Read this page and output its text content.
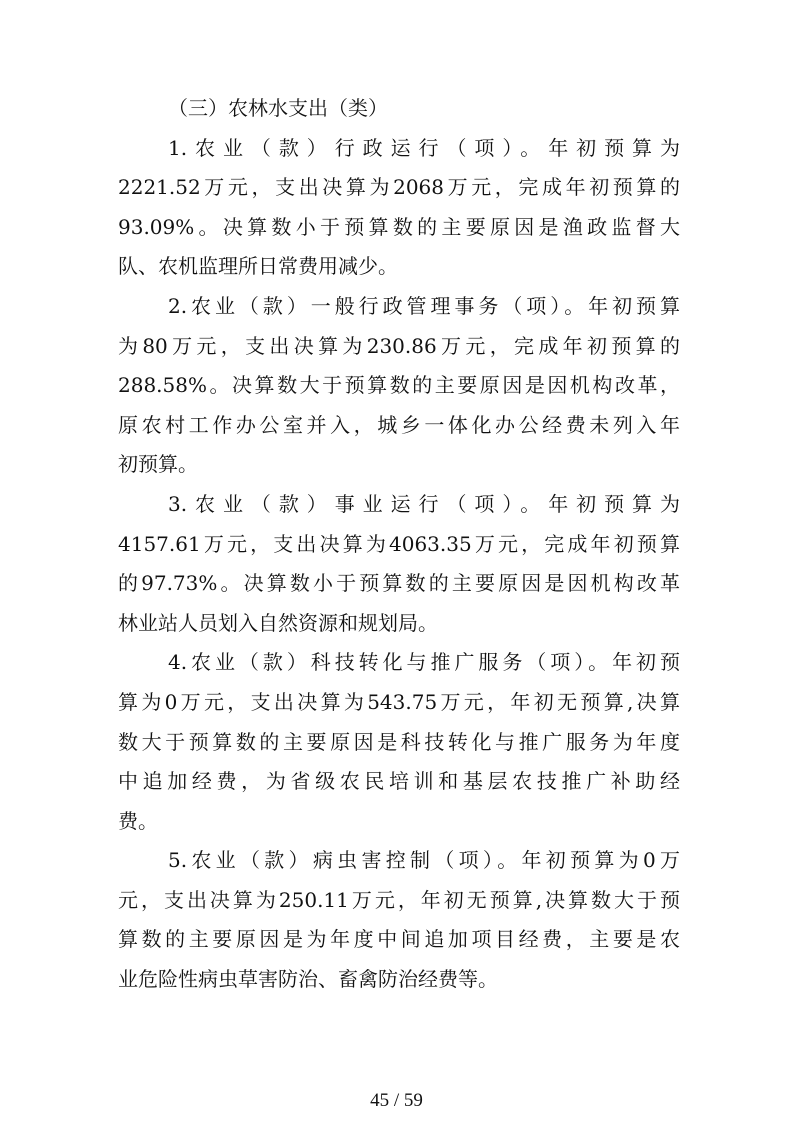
（三）农林水支出（类）
1.农业（款）行政运行（项）。年初预算为
2221.52万元，支出决算为2068万元，完成年初预算的
93.09%。决算数小于预算数的主要原因是渔政监督大
队、农机监理所日常费用减少。
2.农业（款）一般行政管理事务（项）。年初预算
为80万元，支出决算为230.86万元，完成年初预算的
288.58%。决算数大于预算数的主要原因是因机构改革，
原农村工作办公室并入，城乡一体化办公经费未列入年
初预算。
3.农业（款）事业运行（项）。年初预算为
4157.61万元，支出决算为4063.35万元，完成年初预算
的97.73%。决算数小于预算数的主要原因是因机构改革
林业站人员划入自然资源和规划局。
4.农业（款）科技转化与推广服务（项）。年初预
算为0万元，支出决算为543.75万元，年初无预算,决算
数大于预算数的主要原因是科技转化与推广服务为年度
中追加经费，为省级农民培训和基层农技推广补助经
费。
5.农业（款）病虫害控制（项）。年初预算为0万
元，支出决算为250.11万元，年初无预算,决算数大于预
算数的主要原因是为年度中间追加项目经费，主要是农
业危险性病虫草害防治、畜禽防治经费等。
45 / 59
